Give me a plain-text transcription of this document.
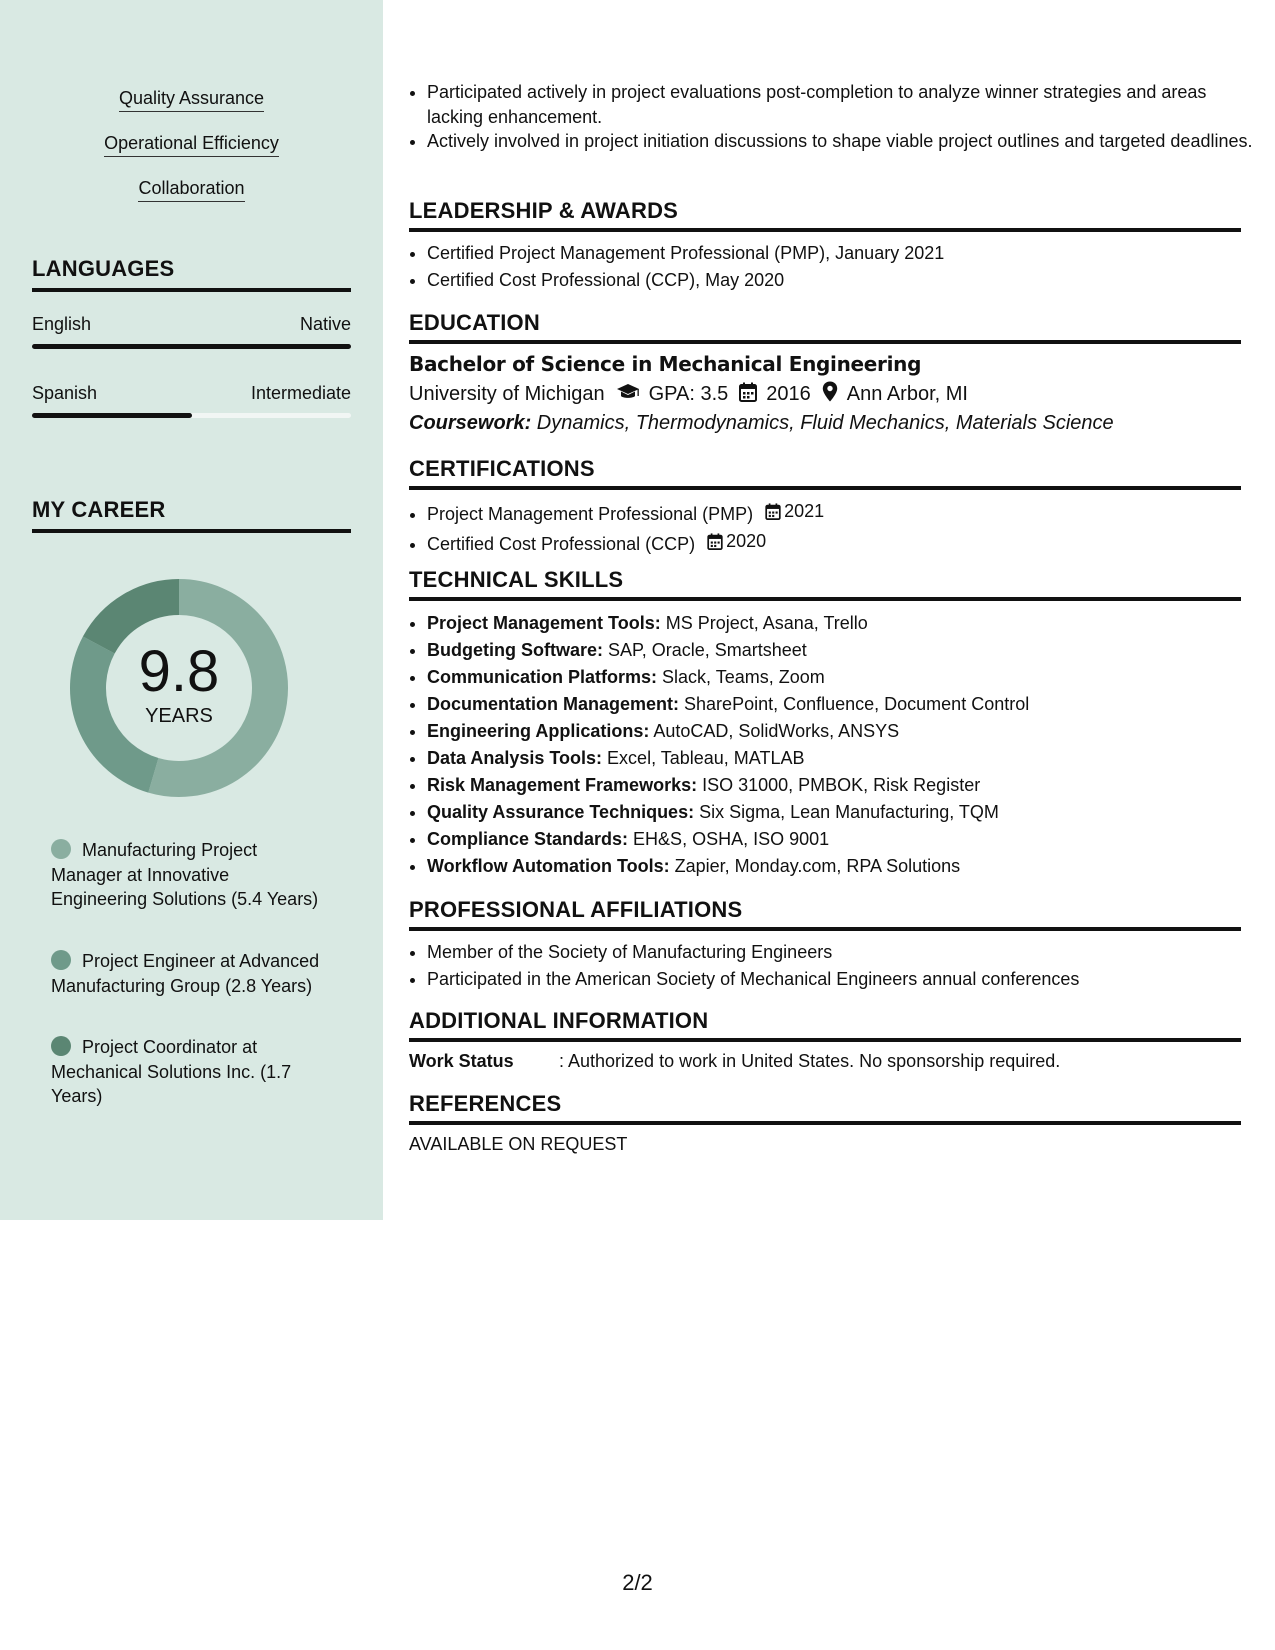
Quality Assurance
Operational Efficiency
Collaboration
LANGUAGES
English	Native
Spanish	Intermediate
MY CAREER
9.8
YEARS
Manufacturing Project Manager at Innovative Engineering Solutions (5.4 Years)
Project Engineer at Advanced Manufacturing Group (2.8 Years)
Project Coordinator at Mechanical Solutions Inc. (1.7 Years)
• Participated actively in project evaluations post-completion to analyze winner strategies and areas lacking enhancement.
• Actively involved in project initiation discussions to shape viable project outlines and targeted deadlines.
LEADERSHIP & AWARDS
• Certified Project Management Professional (PMP), January 2021
• Certified Cost Professional (CCP), May 2020
EDUCATION
Bachelor of Science in Mechanical Engineering
University of Michigan GPA: 3.5 2016 Ann Arbor, MI
Coursework: Dynamics, Thermodynamics, Fluid Mechanics, Materials Science
CERTIFICATIONS
• Project Management Professional (PMP) 2021
• Certified Cost Professional (CCP) 2020
TECHNICAL SKILLS
• Project Management Tools: MS Project, Asana, Trello
• Budgeting Software: SAP, Oracle, Smartsheet
• Communication Platforms: Slack, Teams, Zoom
• Documentation Management: SharePoint, Confluence, Document Control
• Engineering Applications: AutoCAD, SolidWorks, ANSYS
• Data Analysis Tools: Excel, Tableau, MATLAB
• Risk Management Frameworks: ISO 31000, PMBOK, Risk Register
• Quality Assurance Techniques: Six Sigma, Lean Manufacturing, TQM
• Compliance Standards: EH&S, OSHA, ISO 9001
• Workflow Automation Tools: Zapier, Monday.com, RPA Solutions
PROFESSIONAL AFFILIATIONS
• Member of the Society of Manufacturing Engineers
• Participated in the American Society of Mechanical Engineers annual conferences
ADDITIONAL INFORMATION
Work Status	: Authorized to work in United States. No sponsorship required.
REFERENCES
AVAILABLE ON REQUEST
2/2
